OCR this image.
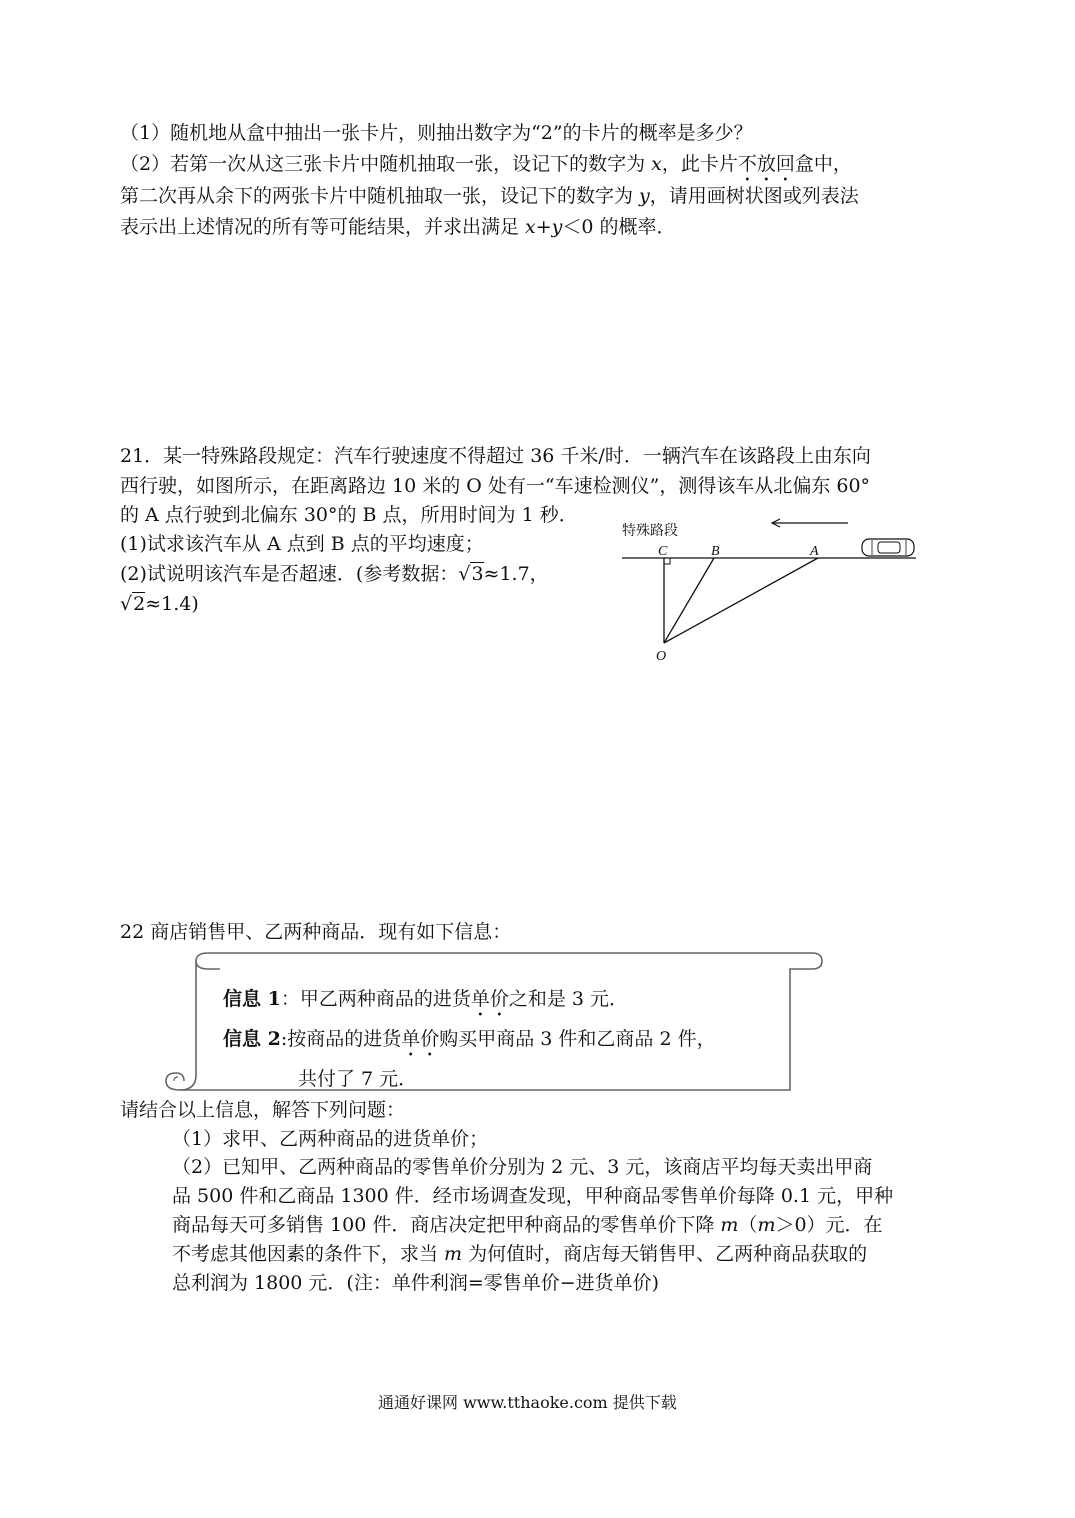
（1）随机地从盒中抽出一张卡片，则抽出数字为“2”的卡片的概率是多少？
（2）若第一次从这三张卡片中随机抽取一张，设记下的数字为 x，此卡片不放回盒中，
第二次再从余下的两张卡片中随机抽取一张，设记下的数字为 y，请用画树状图或列表法
表示出上述情况的所有等可能结果，并求出满足 x+y＜0 的概率．
21．某一特殊路段规定：汽车行驶速度不得超过 36 千米/时．一辆汽车在该路段上由东向
西行驶，如图所示，在距离路边 10 米的 O 处有一“车速检测仪”，测得该车从北偏东 60°
的 A 点行驶到北偏东 30°的 B 点，所用时间为 1 秒．
(1)试求该汽车从 A 点到 B 点的平均速度；
(2)试说明该汽车是否超速．(参考数据：√3≈1.7，
√2≈1.4)
特殊路段
C	B	A
O
22 商店销售甲、乙两种商品．现有如下信息：
信息 1：甲乙两种商品的进货单价之和是 3 元．
信息 2:按商品的进货单价购买甲商品 3 件和乙商品 2 件，
共付了 7 元．
请结合以上信息，解答下列问题：
（1）求甲、乙两种商品的进货单价；
（2）已知甲、乙两种商品的零售单价分别为 2 元、3 元，该商店平均每天卖出甲商
品 500 件和乙商品 1300 件．经市场调查发现，甲种商品零售单价每降 0.1 元，甲种
商品每天可多销售 100 件．商店决定把甲种商品的零售单价下降 m（m＞0）元．在
不考虑其他因素的条件下，求当 m 为何值时，商店每天销售甲、乙两种商品获取的
总利润为 1800 元．(注：单件利润=零售单价−进货单价)
通通好课网 www.tthaoke.com 提供下载
